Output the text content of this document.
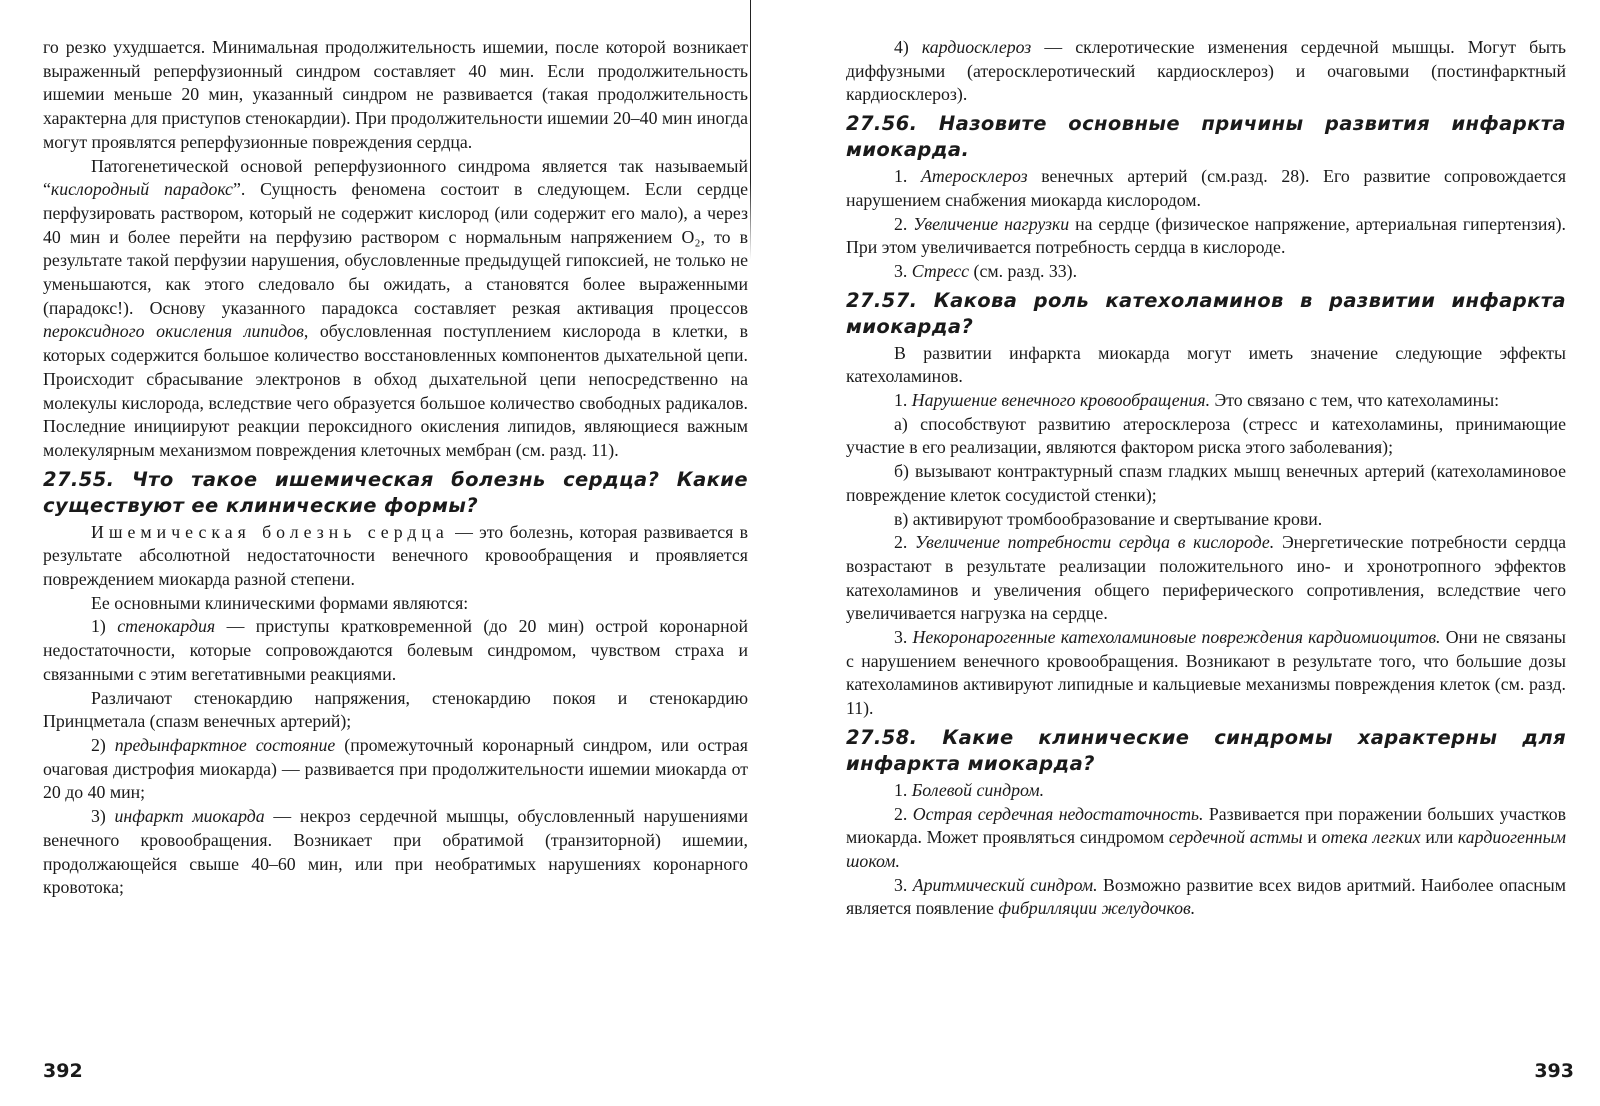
го резко ухудшается. Минимальная продолжительность ишемии, после которой возникает выраженный реперфузионный синдром составляет 40 мин. Если продолжительность ишемии меньше 20 мин, указанный синдром не развивается (такая продолжительность характерна для приступов стенокардии). При продолжительности ишемии 20–40 мин иногда могут проявлятся реперфузионные повреждения сердца.

Патогенетической основой реперфузионного синдрома является так называемый “кислородный парадокс”. Сущность феномена состоит в следующем. Если сердце перфузировать раствором, который не содержит кислород (или содержит его мало), а через 40 мин и более перейти на перфузию раствором с нормальным напряжением O₂, то в результате такой перфузии нарушения, обусловленные предыдущей гипоксией, не только не уменьшаются, как этого следовало бы ожидать, а становятся более выраженными (парадокс!). Основу указанного парадокса составляет резкая активация процессов пероксидного окисления липидов, обусловленная поступлением кислорода в клетки, в которых содержится большое количество восстановленных компонентов дыхательной цепи. Происходит сбрасывание электронов в обход дыхательной цепи непосредственно на молекулы кислорода, вследствие чего образуется большое количество свободных радикалов. Последние инициируют реакции пероксидного окисления липидов, являющиеся важным молекулярным механизмом повреждения клеточных мембран (см. разд. 11).

27.55. Что такое ишемическая болезнь сердца? Какие существуют ее клинические формы?

Ишемическая болезнь сердца — это болезнь, которая развивается в результате абсолютной недостаточности венечного кровообращения и проявляется повреждением миокарда разной степени.

Ее основными клиническими формами являются:

1) стенокардия — приступы кратковременной (до 20 мин) острой коронарной недостаточности, которые сопровождаются болевым синдромом, чувством страха и связанными с этим вегетативными реакциями.

Различают стенокардию напряжения, стенокардию покоя и стенокардию Принцметала (спазм венечных артерий);

2) предынфарктное состояние (промежуточный коронарный синдром, или острая очаговая дистрофия миокарда) — развивается при продолжительности ишемии миокарда от 20 до 40 мин;

3) инфаркт миокарда — некроз сердечной мышцы, обусловленный нарушениями венечного кровообращения. Возникает при обратимой (транзиторной) ишемии, продолжающейся свыше 40–60 мин, или при необратимых нарушениях коронарного кровотока;

392

4) кардиосклероз — склеротические изменения сердечной мышцы. Могут быть диффузными (атеросклеротический кардиосклероз) и очаговыми (постинфарктный кардиосклероз).

27.56. Назовите основные причины развития инфаркта миокарда.

1. Атеросклероз венечных артерий (см.разд. 28). Его развитие сопровождается нарушением снабжения миокарда кислородом.

2. Увеличение нагрузки на сердце (физическое напряжение, артериальная гипертензия). При этом увеличивается потребность сердца в кислороде.

3. Стресс (см. разд. 33).

27.57. Какова роль катехоламинов в развитии инфаркта миокарда?

В развитии инфаркта миокарда могут иметь значение следующие эффекты катехоламинов.

1. Нарушение венечного кровообращения. Это связано с тем, что катехоламины:

а) способствуют развитию атеросклероза (стресс и катехоламины, принимающие участие в его реализации, являются фактором риска этого заболевания);

б) вызывают контрактурный спазм гладких мышц венечных артерий (катехоламиновое повреждение клеток сосудистой стенки);

в) активируют тромбообразование и свертывание крови.

2. Увеличение потребности сердца в кислороде. Энергетические потребности сердца возрастают в результате реализации положительного ино- и хронотропного эффектов катехоламинов и увеличения общего периферического сопротивления, вследствие чего увеличивается нагрузка на сердце.

3. Некоронарогенные катехоламиновые повреждения кардиомиоцитов. Они не связаны с нарушением венечного кровообращения. Возникают в результате того, что большие дозы катехоламинов активируют липидные и кальциевые механизмы повреждения клеток (см. разд. 11).

27.58. Какие клинические синдромы характерны для инфаркта миокарда?

1. Болевой синдром.

2. Острая сердечная недостаточность. Развивается при поражении больших участков миокарда. Может проявляться синдромом сердечной астмы и отека легких или кардиогенным шоком.

3. Аритмический синдром. Возможно развитие всех видов аритмий. Наиболее опасным является появление фибрилляции желудочков.

393
